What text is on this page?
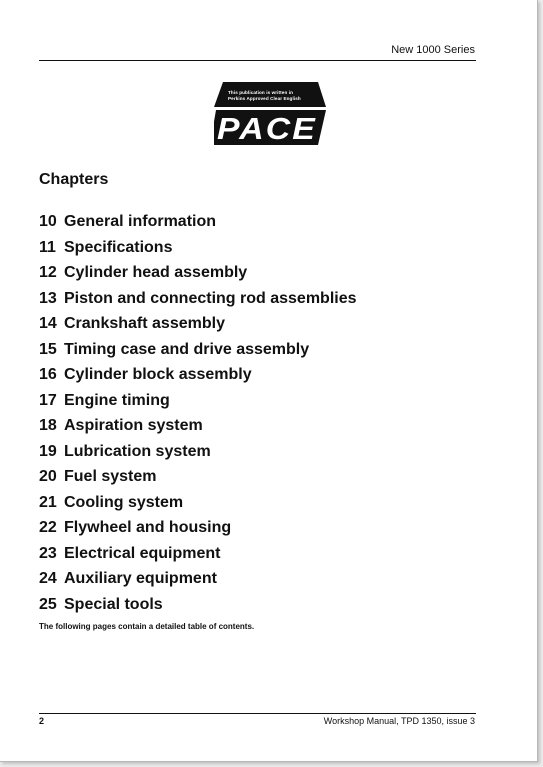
New 1000 Series
PACE
This publication is written in
Perkins Approved Clear English
Chapters
10 General information
11 Specifications
12 Cylinder head assembly
13 Piston and connecting rod assemblies
14 Crankshaft assembly
15 Timing case and drive assembly
16 Cylinder block assembly
17 Engine timing
18 Aspiration system
19 Lubrication system
20 Fuel system
21 Cooling system
22 Flywheel and housing
23 Electrical equipment
24 Auxiliary equipment
25 Special tools
The following pages contain a detailed table of contents.
2	Workshop Manual, TPD 1350, issue 3
